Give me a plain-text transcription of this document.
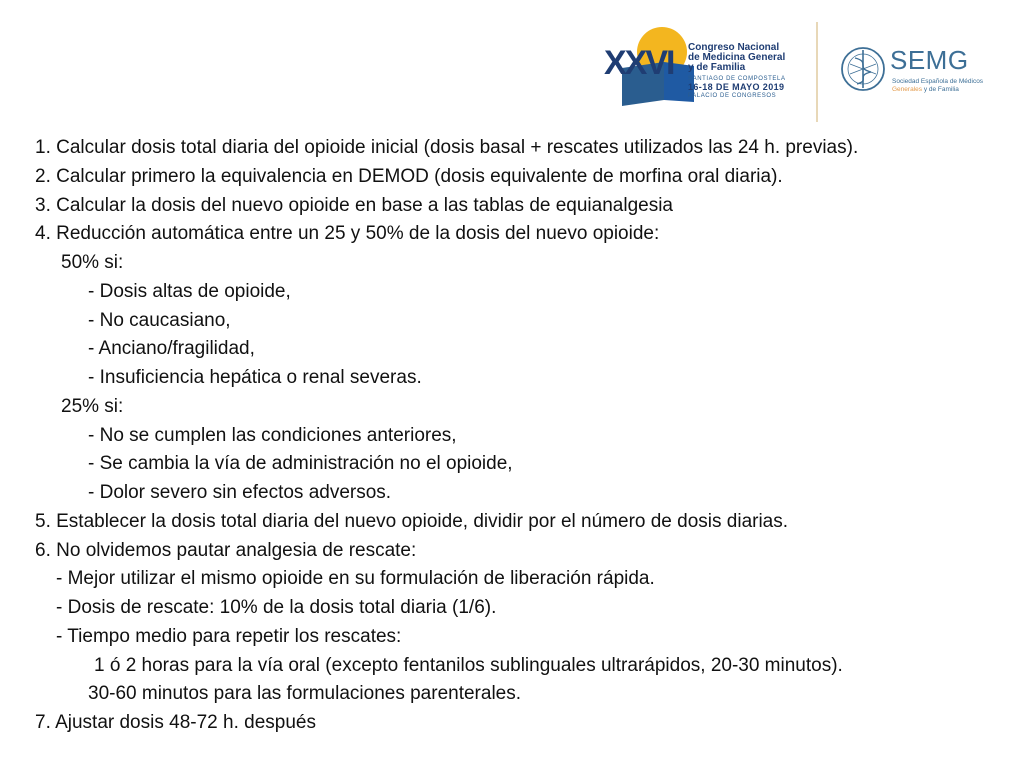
XXVI Congreso Nacional
de Medicina General
y de Familia
SANTIAGO DE COMPOSTELA
16-18 DE MAYO 2019
PALACIO DE CONGRESOS
SEMG
Sociedad Española de Médicos
Generales y de Familia
1. Calcular dosis total diaria del opioide inicial (dosis basal + rescates utilizados las 24 h. previas).
2. Calcular primero la equivalencia en DEMOD (dosis equivalente de morfina oral diaria).
3. Calcular la dosis del nuevo opioide en base a las tablas de equianalgesia
4. Reducción automática entre un 25 y 50% de la dosis del nuevo opioide:
50% si:
- Dosis altas de opioide,
- No caucasiano,
- Anciano/fragilidad,
- Insuficiencia hepática o renal severas.
25% si:
- No se cumplen las condiciones anteriores,
- Se cambia la vía de administración no el opioide,
- Dolor severo sin efectos adversos.
5. Establecer la dosis total diaria del nuevo opioide, dividir por el número de dosis diarias.
6. No olvidemos pautar analgesia de rescate:
- Mejor utilizar el mismo opioide en su formulación de liberación rápida.
- Dosis de rescate: 10% de la dosis total diaria (1/6).
- Tiempo medio para repetir los rescates:
1 ó 2 horas para la vía oral (excepto fentanilos sublinguales ultrarápidos, 20-30 minutos).
30-60 minutos para las formulaciones parenterales.
7. Ajustar dosis 48-72 h. después
